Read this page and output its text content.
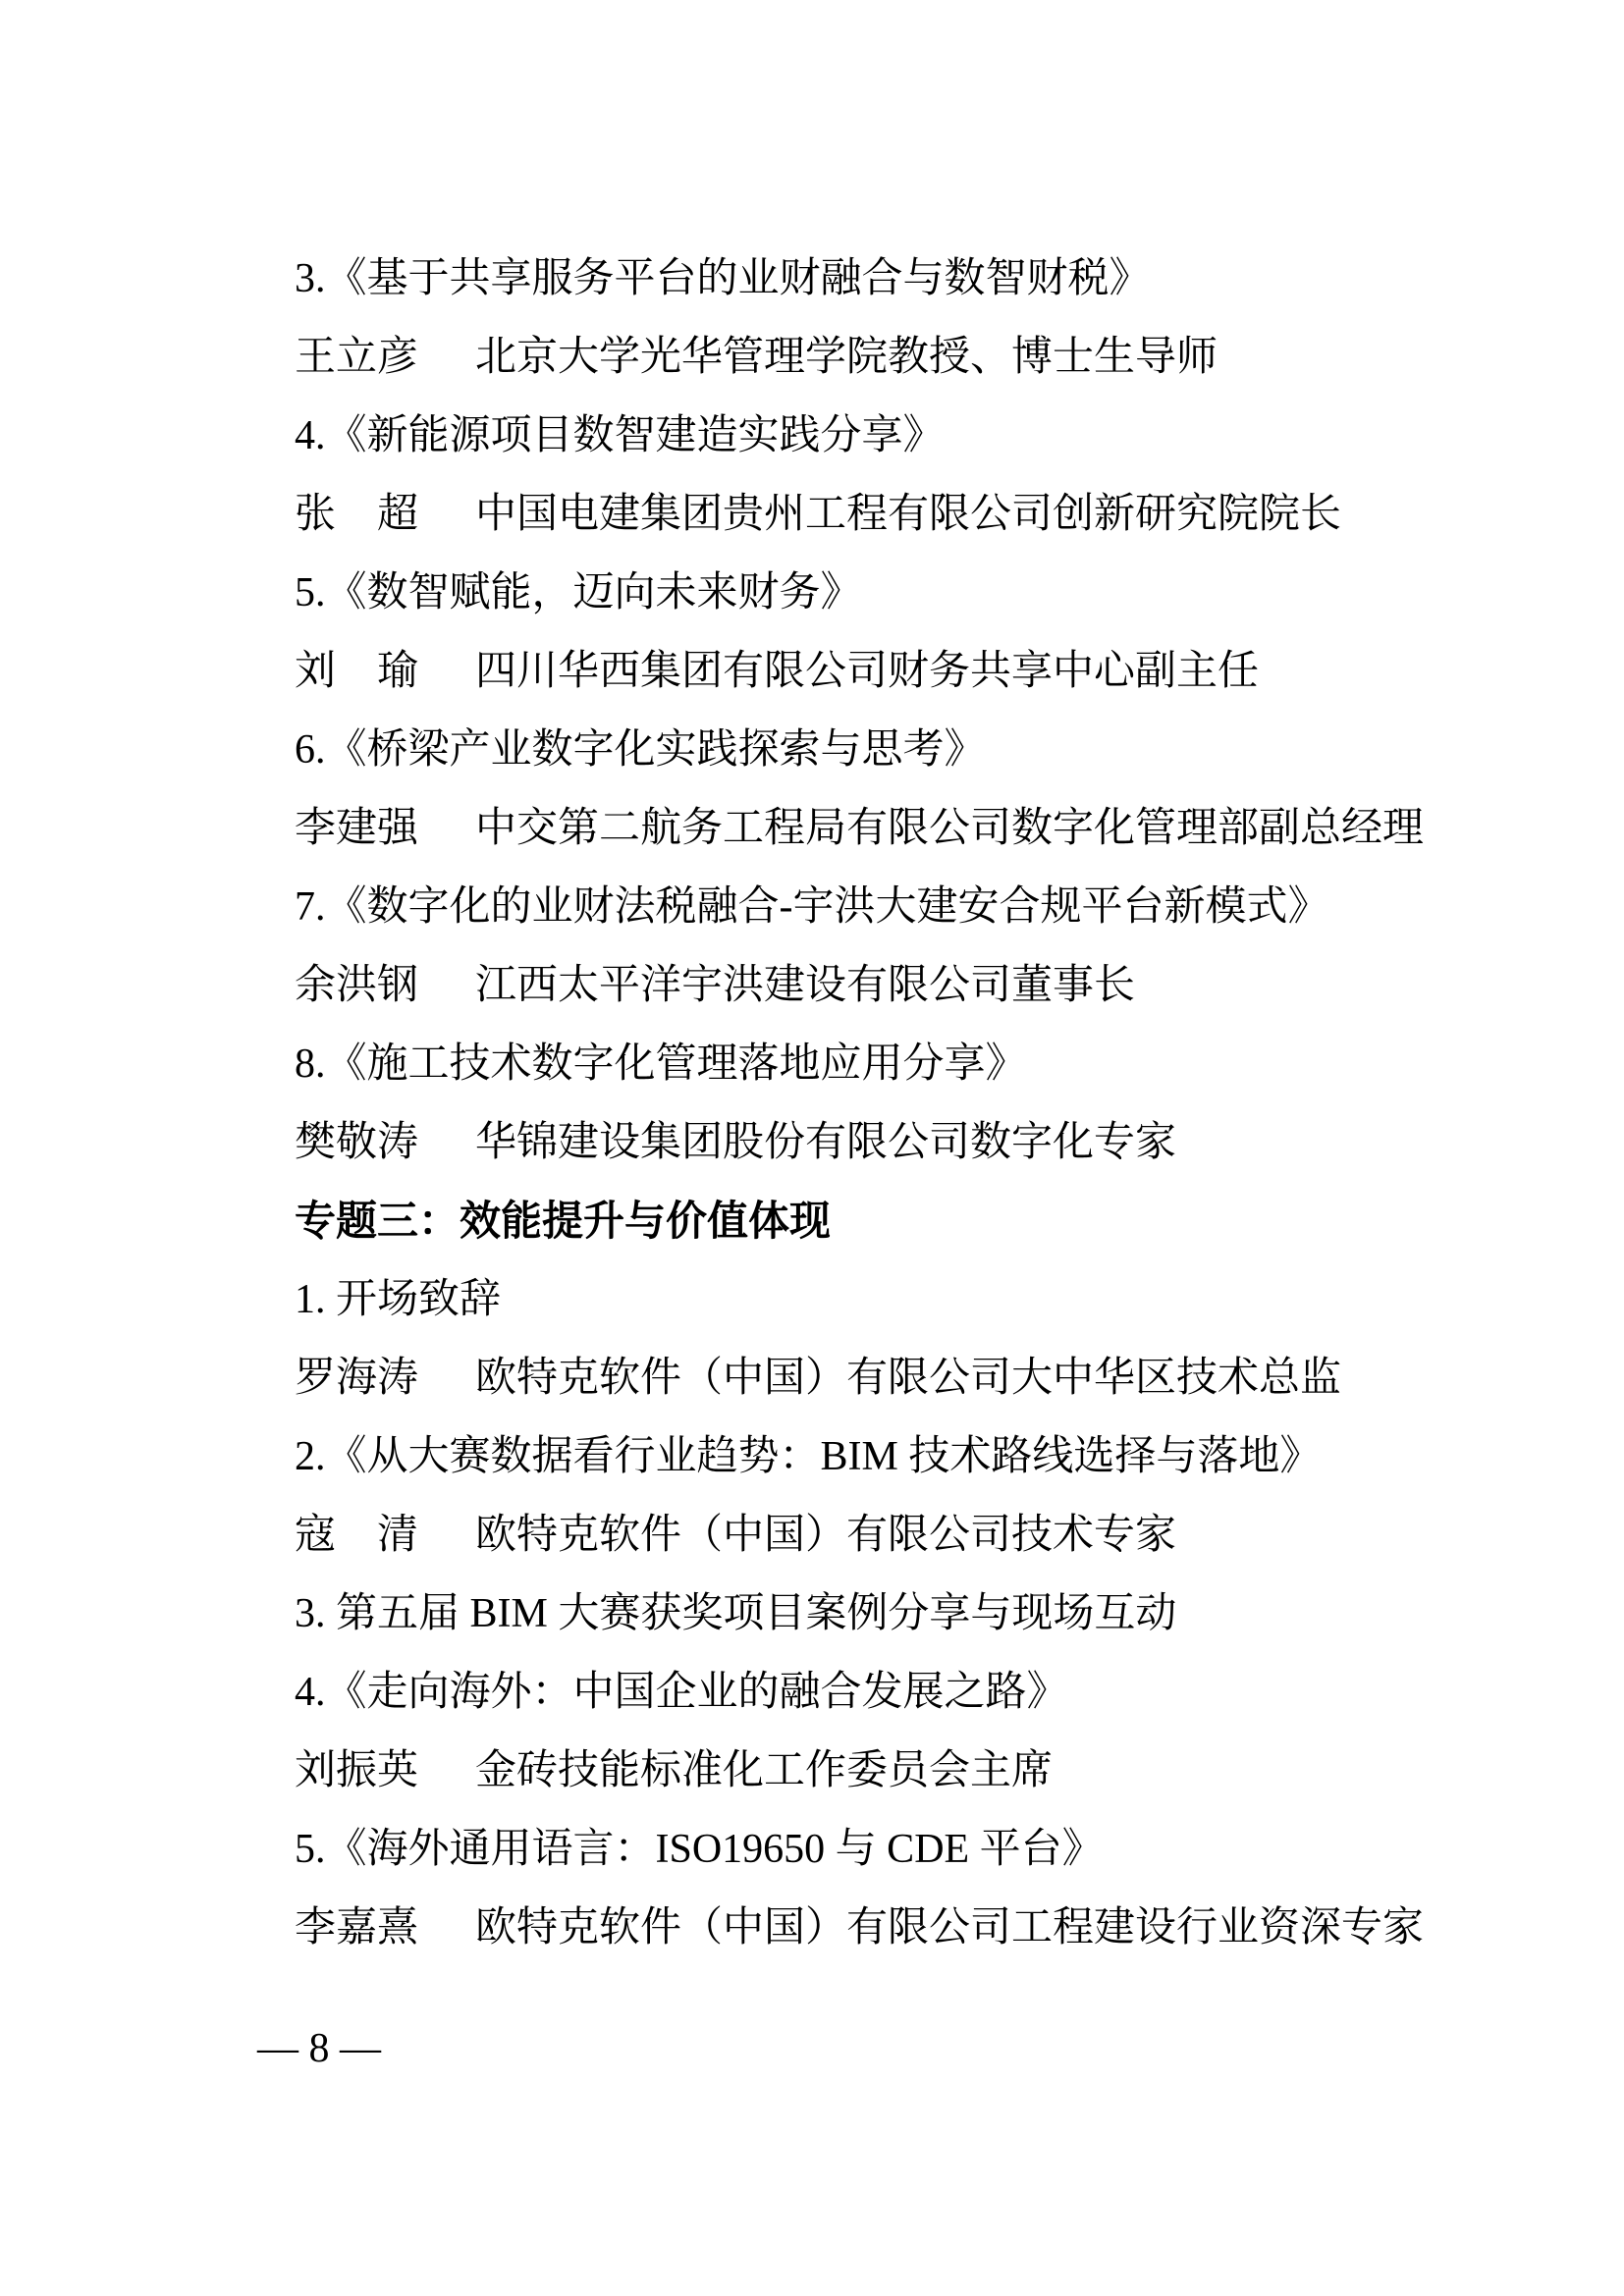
3.《基于共享服务平台的业财融合与数智财税》
王立彦 北京大学光华管理学院教授、博士生导师
4.《新能源项目数智建造实践分享》
张　超 中国电建集团贵州工程有限公司创新研究院院长
5.《数智赋能，迈向未来财务》
刘　瑜 四川华西集团有限公司财务共享中心副主任
6.《桥梁产业数字化实践探索与思考》
李建强 中交第二航务工程局有限公司数字化管理部副总经理
7.《数字化的业财法税融合-宇洪大建安合规平台新模式》
余洪钢 江西太平洋宇洪建设有限公司董事长
8.《施工技术数字化管理落地应用分享》
樊敬涛 华锦建设集团股份有限公司数字化专家
专题三：效能提升与价值体现
1. 开场致辞
罗海涛 欧特克软件（中国）有限公司大中华区技术总监
2.《从大赛数据看行业趋势：BIM 技术路线选择与落地》
寇　清 欧特克软件（中国）有限公司技术专家
3. 第五届 BIM 大赛获奖项目案例分享与现场互动
4.《走向海外：中国企业的融合发展之路》
刘振英 金砖技能标准化工作委员会主席
5.《海外通用语言：ISO19650 与 CDE 平台》
李嘉熹 欧特克软件（中国）有限公司工程建设行业资深专家
— 8 —
